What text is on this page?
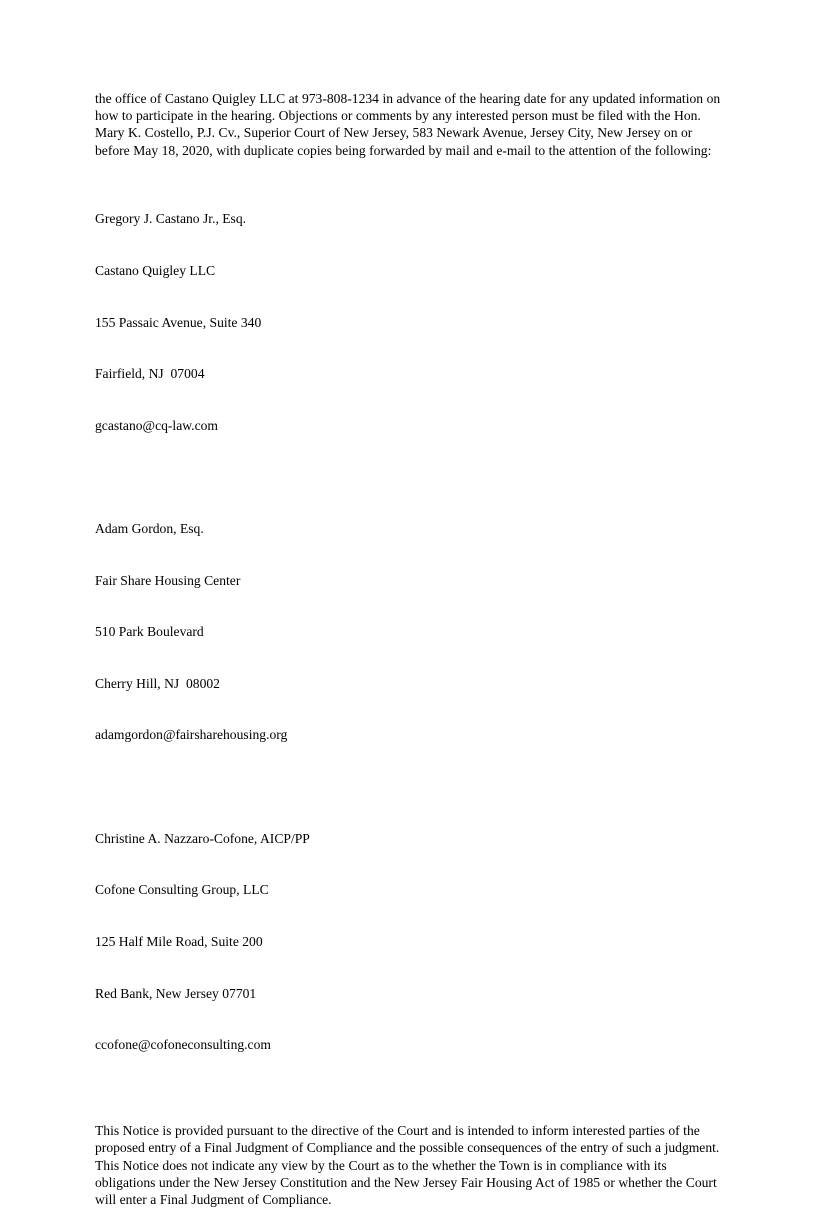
the office of Castano Quigley LLC at 973-808-1234 in advance of the hearing date for any updated information on how to participate in the hearing. Objections or comments by any interested person must be filed with the Hon. Mary K. Costello, P.J. Cv., Superior Court of New Jersey, 583 Newark Avenue, Jersey City, New Jersey on or before May 18, 2020, with duplicate copies being forwarded by mail and e-mail to the attention of the following:

Gregory J. Castano Jr., Esq.

Castano Quigley LLC

155 Passaic Avenue, Suite 340

Fairfield, NJ  07004

gcastano@cq-law.com

Adam Gordon, Esq.

Fair Share Housing Center

510 Park Boulevard

Cherry Hill, NJ  08002

adamgordon@fairsharehousing.org

Christine A. Nazzaro-Cofone, AICP/PP

Cofone Consulting Group, LLC

125 Half Mile Road, Suite 200

Red Bank, New Jersey 07701

ccofone@cofoneconsulting.com

This Notice is provided pursuant to the directive of the Court and is intended to inform interested parties of the proposed entry of a Final Judgment of Compliance and the possible consequences of the entry of such a judgment. This Notice does not indicate any view by the Court as to the whether the Town is in compliance with its obligations under the New Jersey Constitution and the New Jersey Fair Housing Act of 1985 or whether the Court will enter a Final Judgment of Compliance.
